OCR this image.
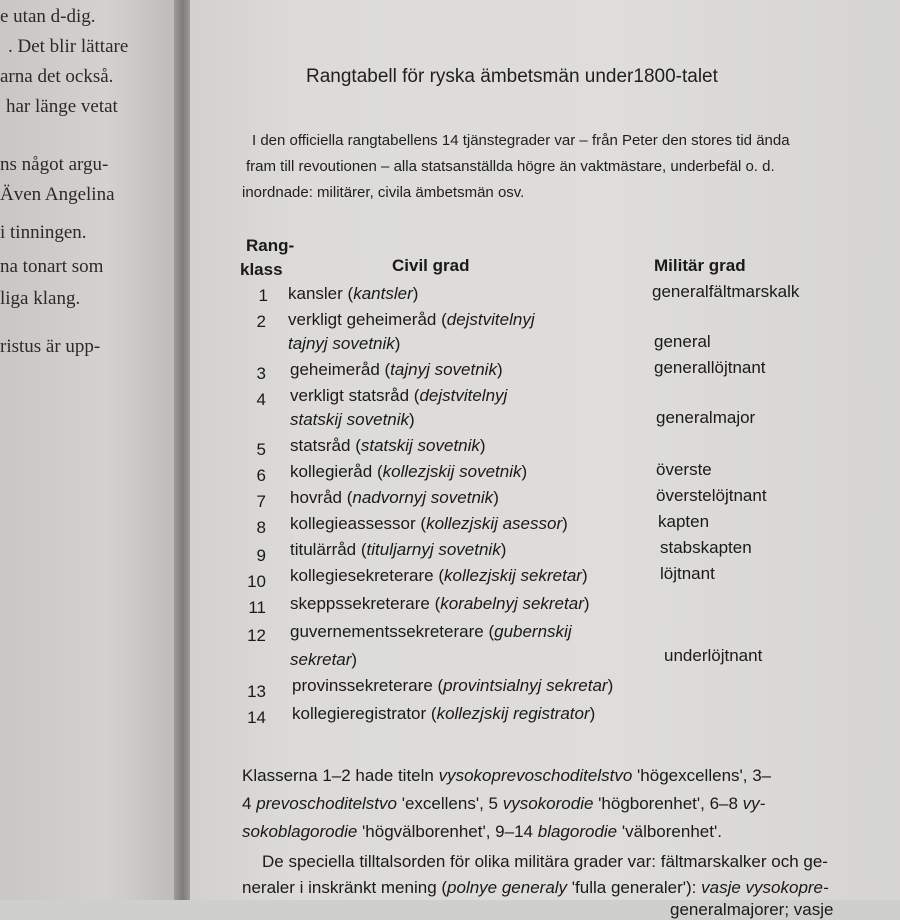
e utan d-dig.
. Det blir lättare
arna det också.
har länge vetat
ns något argu-
Även Angelina
i tinningen.
na tonart som
liga klang.
ristus är upp-
Rangtabell för ryska ämbetsmän under1800-talet
I den officiella rangtabellens 14 tjänstegrader var – från Peter den stores tid ända
fram till revoutionen – alla statsanställda högre än vaktmästare, underbefäl o. d.
inordnade: militärer, civila ämbetsmän osv.
Rang-
klass	Civil grad	Militär grad
1 kansler (kantsler)	generalfältmarskalk
2 verkligt geheimeråd (dejstvitelnyj
tajnyj sovetnik)	general
3 geheimeråd (tajnyj sovetnik)	generallöjtnant
4 verkligt statsråd (dejstvitelnyj
statskij sovetnik)	generalmajor
5 statsråd (statskij sovetnik)
6 kollegieråd (kollezjskij sovetnik)	överste
7 hovråd (nadvornyj sovetnik)	överstelöjtnant
8 kollegieassessor (kollezjskij asessor)	kapten
9 titulärråd (tituljarnyj sovetnik)	stabskapten
10 kollegiesekreterare (kollezjskij sekretar)	löjtnant
11 skeppssekreterare (korabelnyj sekretar)
12 guvernementssekreterare (gubernskij
sekretar)	underlöjtnant
13 provinssekreterare (provintsialnyj sekretar)
14 kollegieregistrator (kollezjskij registrator)
Klasserna 1–2 hade titeln vysokoprevoschoditelstvo 'högexcellens', 3–
4 prevoschoditelstvo 'excellens', 5 vysokorodie 'högborenhet', 6–8 vy-
sokoblagorodie 'högvälborenhet', 9–14 blagorodie 'välborenhet'.
De speciella tilltalsorden för olika militära grader var: fältmarskalker och ge-
neraler i inskränkt mening (polnye generaly 'fulla generaler'): vasje vysokopre-
generalmajorer; vasje
